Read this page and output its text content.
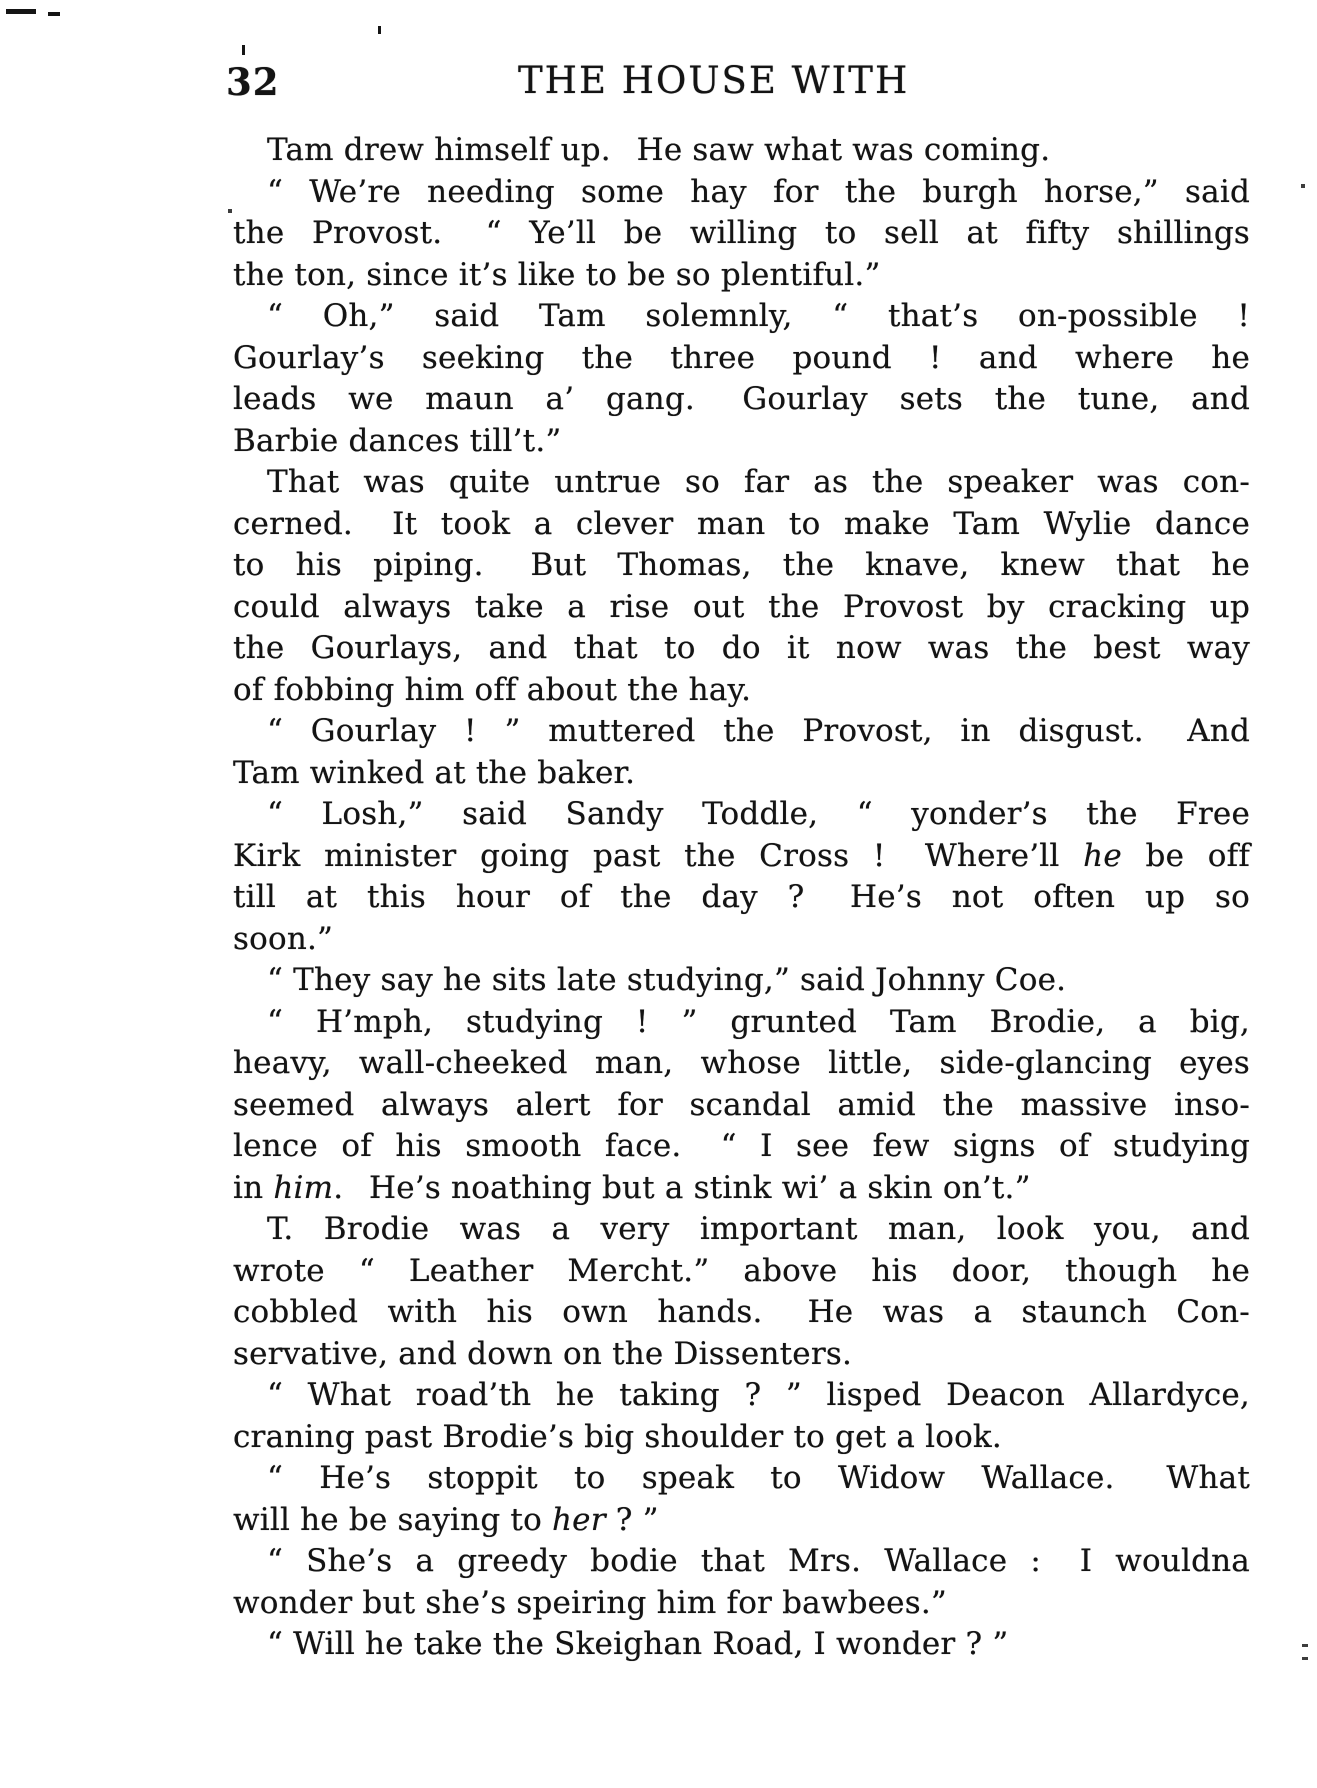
32	THE HOUSE WITH
Tam drew himself up.  He saw what was coming.
“ We’re needing some hay for the burgh horse,” said
the Provost.  “ Ye’ll be willing to sell at fifty shillings
the ton, since it’s like to be so plentiful.”
“ Oh,” said Tam solemnly, “ that’s on-possible !
Gourlay’s seeking the three pound ! and where he
leads we maun a’ gang.  Gourlay sets the tune, and
Barbie dances till’t.”
That was quite untrue so far as the speaker was con-
cerned.  It took a clever man to make Tam Wylie dance
to his piping.  But Thomas, the knave, knew that he
could always take a rise out the Provost by cracking up
the Gourlays, and that to do it now was the best way
of fobbing him off about the hay.
“ Gourlay ! ” muttered the Provost, in disgust.  And
Tam winked at the baker.
“ Losh,” said Sandy Toddle, “ yonder’s the Free
Kirk minister going past the Cross !  Where’ll he be off
till at this hour of the day ?  He’s not often up so
soon.”
“ They say he sits late studying,” said Johnny Coe.
“ H’mph, studying ! ” grunted Tam Brodie, a big,
heavy, wall-cheeked man, whose little, side-glancing eyes
seemed always alert for scandal amid the massive inso-
lence of his smooth face.  “ I see few signs of studying
in him.  He’s noathing but a stink wi’ a skin on’t.”
T. Brodie was a very important man, look you, and
wrote “ Leather Mercht.” above his door, though he
cobbled with his own hands.  He was a staunch Con-
servative, and down on the Dissenters.
“ What road’th he taking ? ” lisped Deacon Allardyce,
craning past Brodie’s big shoulder to get a look.
“ He’s stoppit to speak to Widow Wallace.  What
will he be saying to her ? ”
“ She’s a greedy bodie that Mrs. Wallace :  I wouldna
wonder but she’s speiring him for bawbees.”
“ Will he take the Skeighan Road, I wonder ? ”
